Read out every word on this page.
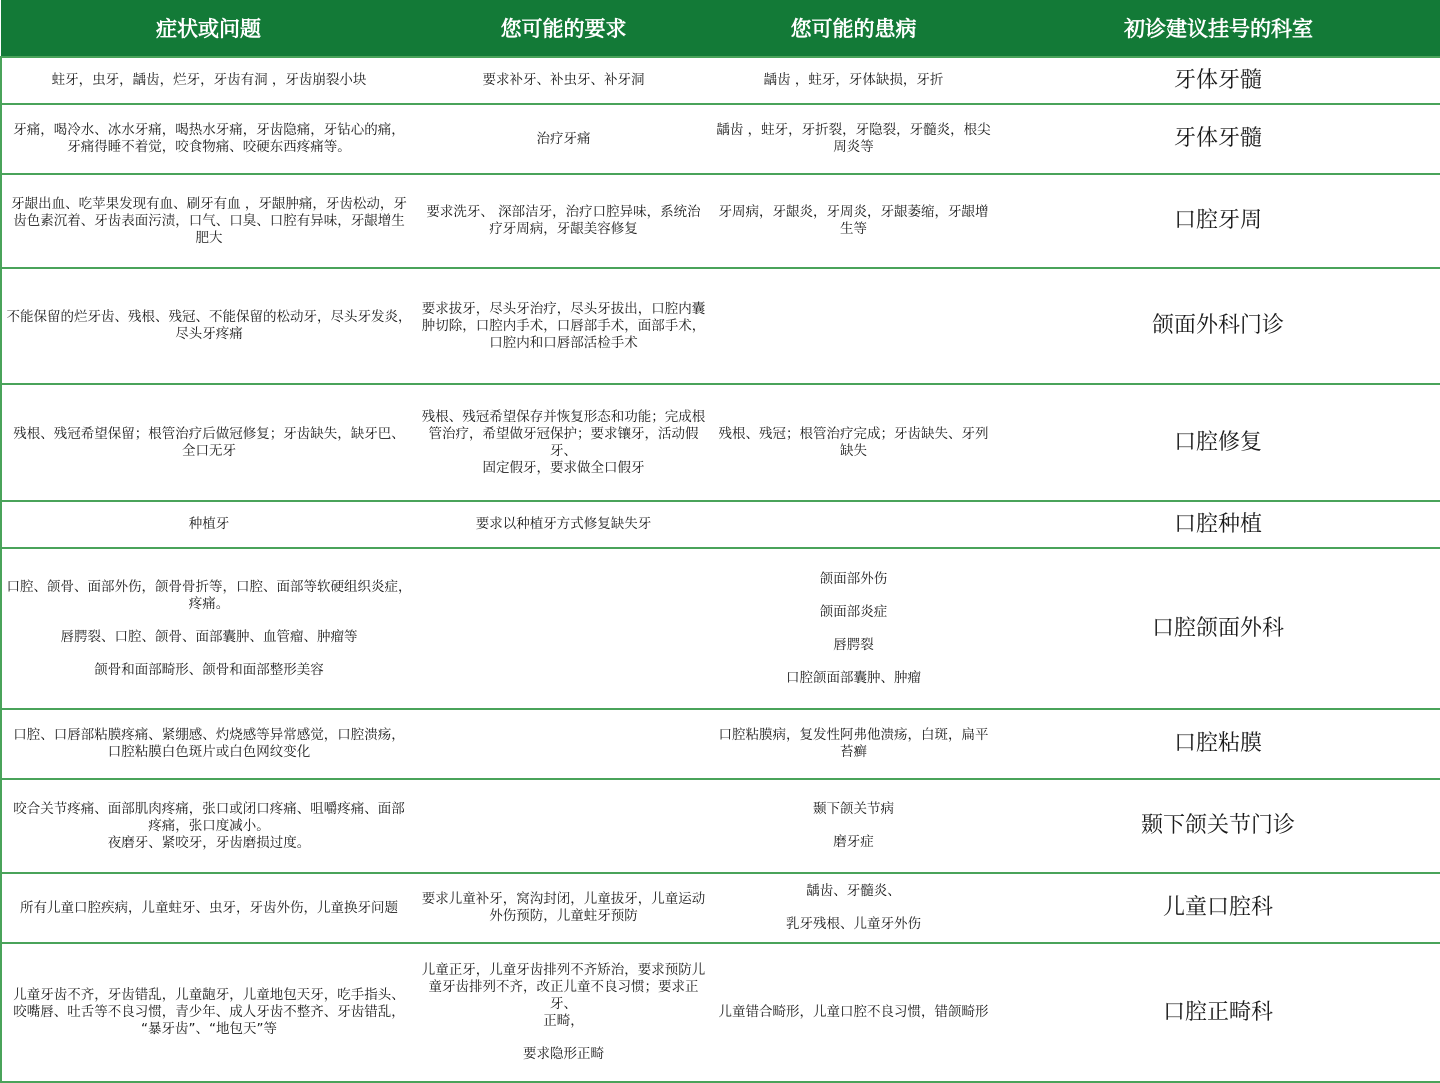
症状或问题	您可能的要求	您可能的患病	初诊建议挂号的科室

蛀牙，虫牙，龋齿，烂牙，牙齿有洞 ，牙齿崩裂小块	要求补牙、补虫牙、补牙洞	龋齿 ，蛀牙，牙体缺损，牙折	牙体牙髓

牙痛，喝冷水、冰水牙痛，喝热水牙痛，牙齿隐痛，牙钻心的痛，
牙痛得睡不着觉，咬食物痛、咬硬东西疼痛等。	治疗牙痛	龋齿 ，蛀牙，牙折裂，牙隐裂，牙髓炎，根尖
周炎等	牙体牙髓

牙龈出血、吃苹果发现有血、刷牙有血 ，牙龈肿痛，牙齿松动，牙
齿色素沉着、牙齿表面污渍，口气、口臭、口腔有异味，牙龈增生
肥大	要求洗牙、 深部洁牙，治疗口腔异味，系统治
疗牙周病，牙龈美容修复	牙周病，牙龈炎，牙周炎，牙龈萎缩，牙龈增
生等	口腔牙周

不能保留的烂牙齿、残根、残冠、不能保留的松动牙，尽头牙发炎，
尽头牙疼痛	要求拔牙，尽头牙治疗，尽头牙拔出，口腔内囊
肿切除，口腔内手术，口唇部手术，面部手术，
口腔内和口唇部活检手术		颌面外科门诊

残根、残冠希望保留；根管治疗后做冠修复；牙齿缺失，缺牙巴、
全口无牙	残根、残冠希望保存并恢复形态和功能；完成根
管治疗，希望做牙冠保护；要求镶牙，活动假牙、
固定假牙，要求做全口假牙	残根、残冠；根管治疗完成；牙齿缺失、牙列
缺失	口腔修复

种植牙	要求以种植牙方式修复缺失牙		口腔种植

口腔、颌骨、面部外伤，颌骨骨折等，口腔、面部等软硬组织炎症，
疼痛。
唇腭裂、口腔、颌骨、面部囊肿、血管瘤、肿瘤等
颌骨和面部畸形、颌骨和面部整形美容		颌面部外伤
颌面部炎症
唇腭裂
口腔颌面部囊肿、肿瘤	口腔颌面外科

口腔、口唇部粘膜疼痛、紧绷感、灼烧感等异常感觉，口腔溃疡，
口腔粘膜白色斑片或白色网纹变化		口腔粘膜病，复发性阿弗他溃疡，白斑，扁平
苔癣	口腔粘膜

咬合关节疼痛、面部肌肉疼痛，张口或闭口疼痛、咀嚼疼痛、面部
疼痛，张口度减小。
夜磨牙、紧咬牙，牙齿磨损过度。		颞下颌关节病
磨牙症	颞下颌关节门诊

所有儿童口腔疾病，儿童蛀牙、虫牙，牙齿外伤，儿童换牙问题	要求儿童补牙，窝沟封闭，儿童拔牙，儿童运动
外伤预防，儿童蛀牙预防	龋齿、牙髓炎、
乳牙残根、儿童牙外伤	儿童口腔科

儿童牙齿不齐，牙齿错乱，儿童龅牙，儿童地包天牙，吃手指头、
咬嘴唇、吐舌等不良习惯，青少年、成人牙齿不整齐、牙齿错乱，
“暴牙齿”、“地包天”等	儿童正牙，儿童牙齿排列不齐矫治，要求预防儿
童牙齿排列不齐，改正儿童不良习惯；要求正牙、
正畸，
要求隐形正畸	儿童错合畸形，儿童口腔不良习惯，错颌畸形	口腔正畸科
